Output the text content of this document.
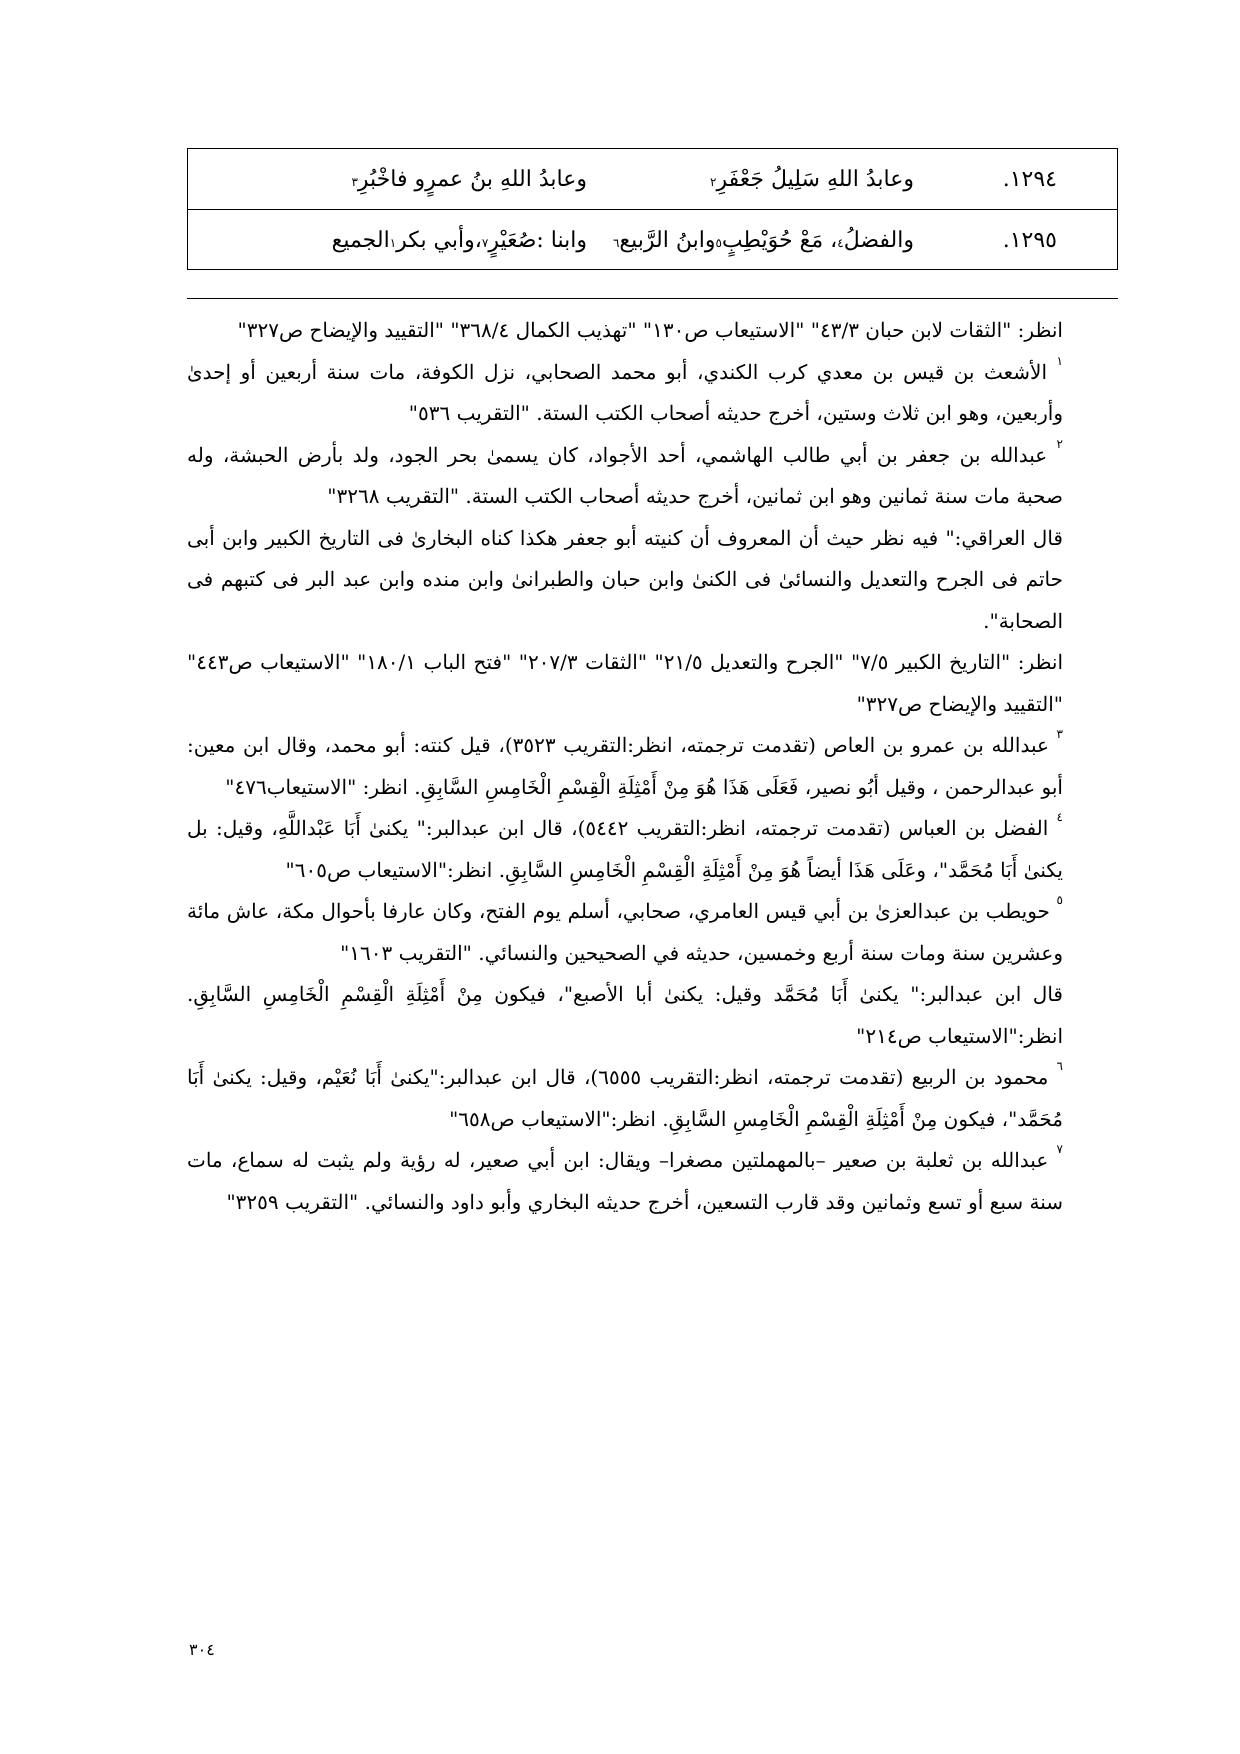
١٢٩٤.
وعابدُ اللهِ سَلِيلُ جَعْفَرِ
$^٢$
وعابدُ اللهِ بنُ عمرٍو فاخْبُرِ
$^٣$
١٢٩٥.
والفضلُ
$^٤$
، مَعْ حُوَيْطِبٍ
$^٥$
وابنُ الرَّبيع
$^٦$
وابنا :صُعَيْرٍ
$^٧$
،وأبي بكر
$^١$
الجميع

انظر: "الثقات لابن حبان ٤٣/٣" "الاستيعاب ص١٣٠" "تهذيب الكمال ٣٦٨/٤" "التقييد والإيضاح ص٣٢٧"

$^١$ الأشعث بن قيس بن معدي كرب الكندي، أبو محمد الصحابي، نزل الكوفة، مات سنة أربعين أو إحدىٰ وأربعين، وهو ابن ثلاث وستين، أخرج حديثه أصحاب الكتب الستة. "التقريب ٥٣٦"

$^٢$ عبدالله بن جعفر بن أبي طالب الهاشمي، أحد الأجواد، كان يسمىٰ بحر الجود، ولد بأرض الحبشة، وله صحبة مات سنة ثمانين وهو ابن ثمانين، أخرج حديثه أصحاب الكتب الستة. "التقريب ٣٢٦٨"

قال العراقي:" فيه نظر حيث أن المعروف أن كنيته أبو جعفر هكذا كناه البخارىٰ فى التاريخ الكبير وابن أبى حاتم فى الجرح والتعديل والنسائىٰ فى الكنىٰ وابن حبان والطبرانىٰ وابن منده وابن عبد البر فى كتبهم فى الصحابة".

انظر: "التاريخ الكبير ٧/٥" "الجرح والتعديل ٢١/٥" "الثقات ٢٠٧/٣" "فتح الباب ١٨٠/١" "الاستيعاب ص٤٤٣" "التقييد والإيضاح ص٣٢٧"

$^٣$ عبدالله بن عمرو بن العاص (تقدمت ترجمته، انظر:التقريب ٣٥٢٣)، قيل كنته: أبو محمد، وقال ابن معين: أبو عبدالرحمن ، وقيل أبُو نصير، فَعَلَى هَذَا هُوَ مِنْ أَمْثِلَةِ الْقِسْمِ الْخَامِسِ السَّابِقِ. انظر: "الاستيعاب٤٧٦"

$^٤$ الفضل بن العباس (تقدمت ترجمته، انظر:التقريب ٥٤٤٢)، قال ابن عبدالبر:" يكنىٰ أَبَا عَبْداللَّهِ، وقيل: بل يكنىٰ أَبَا مُحَمَّد"، وعَلَى هَذَا أيضاً هُوَ مِنْ أَمْثِلَةِ الْقِسْمِ الْخَامِسِ السَّابِقِ. انظر:"الاستيعاب ص٦٠٥"

$^٥$ حويطب بن عبدالعزىٰ بن أبي قيس العامري، صحابي، أسلم يوم الفتح، وكان عارفا بأحوال مكة، عاش مائة وعشرين سنة ومات سنة أربع وخمسين، حديثه في الصحيحين والنسائي. "التقريب ١٦٠٣"

قال ابن عبدالبر:" يكنىٰ أَبَا مُحَمَّد وقيل: يكنىٰ أبا الأصبع"، فيكون مِنْ أَمْثِلَةِ الْقِسْمِ الْخَامِسِ السَّابِقِ. انظر:"الاستيعاب ص٢١٤"

$^٦$ محمود بن الربيع (تقدمت ترجمته، انظر:التقريب ٦٥٥٥)، قال ابن عبدالبر:"يكنىٰ أَبَا نُعَيْم، وقيل: يكنىٰ أَبَا مُحَمَّد"، فيكون مِنْ أَمْثِلَةِ الْقِسْمِ الْخَامِسِ السَّابِقِ. انظر:"الاستيعاب ص٦٥٨"

$^٧$ عبدالله بن ثعلبة بن صعير –بالمهملتين مصغرا– ويقال: ابن أبي صعير، له رؤية ولم يثبت له سماع، مات سنة سبع أو تسع وثمانين وقد قارب التسعين، أخرج حديثه البخاري وأبو داود والنسائي. "التقريب ٣٢٥٩"

٣٠٤
